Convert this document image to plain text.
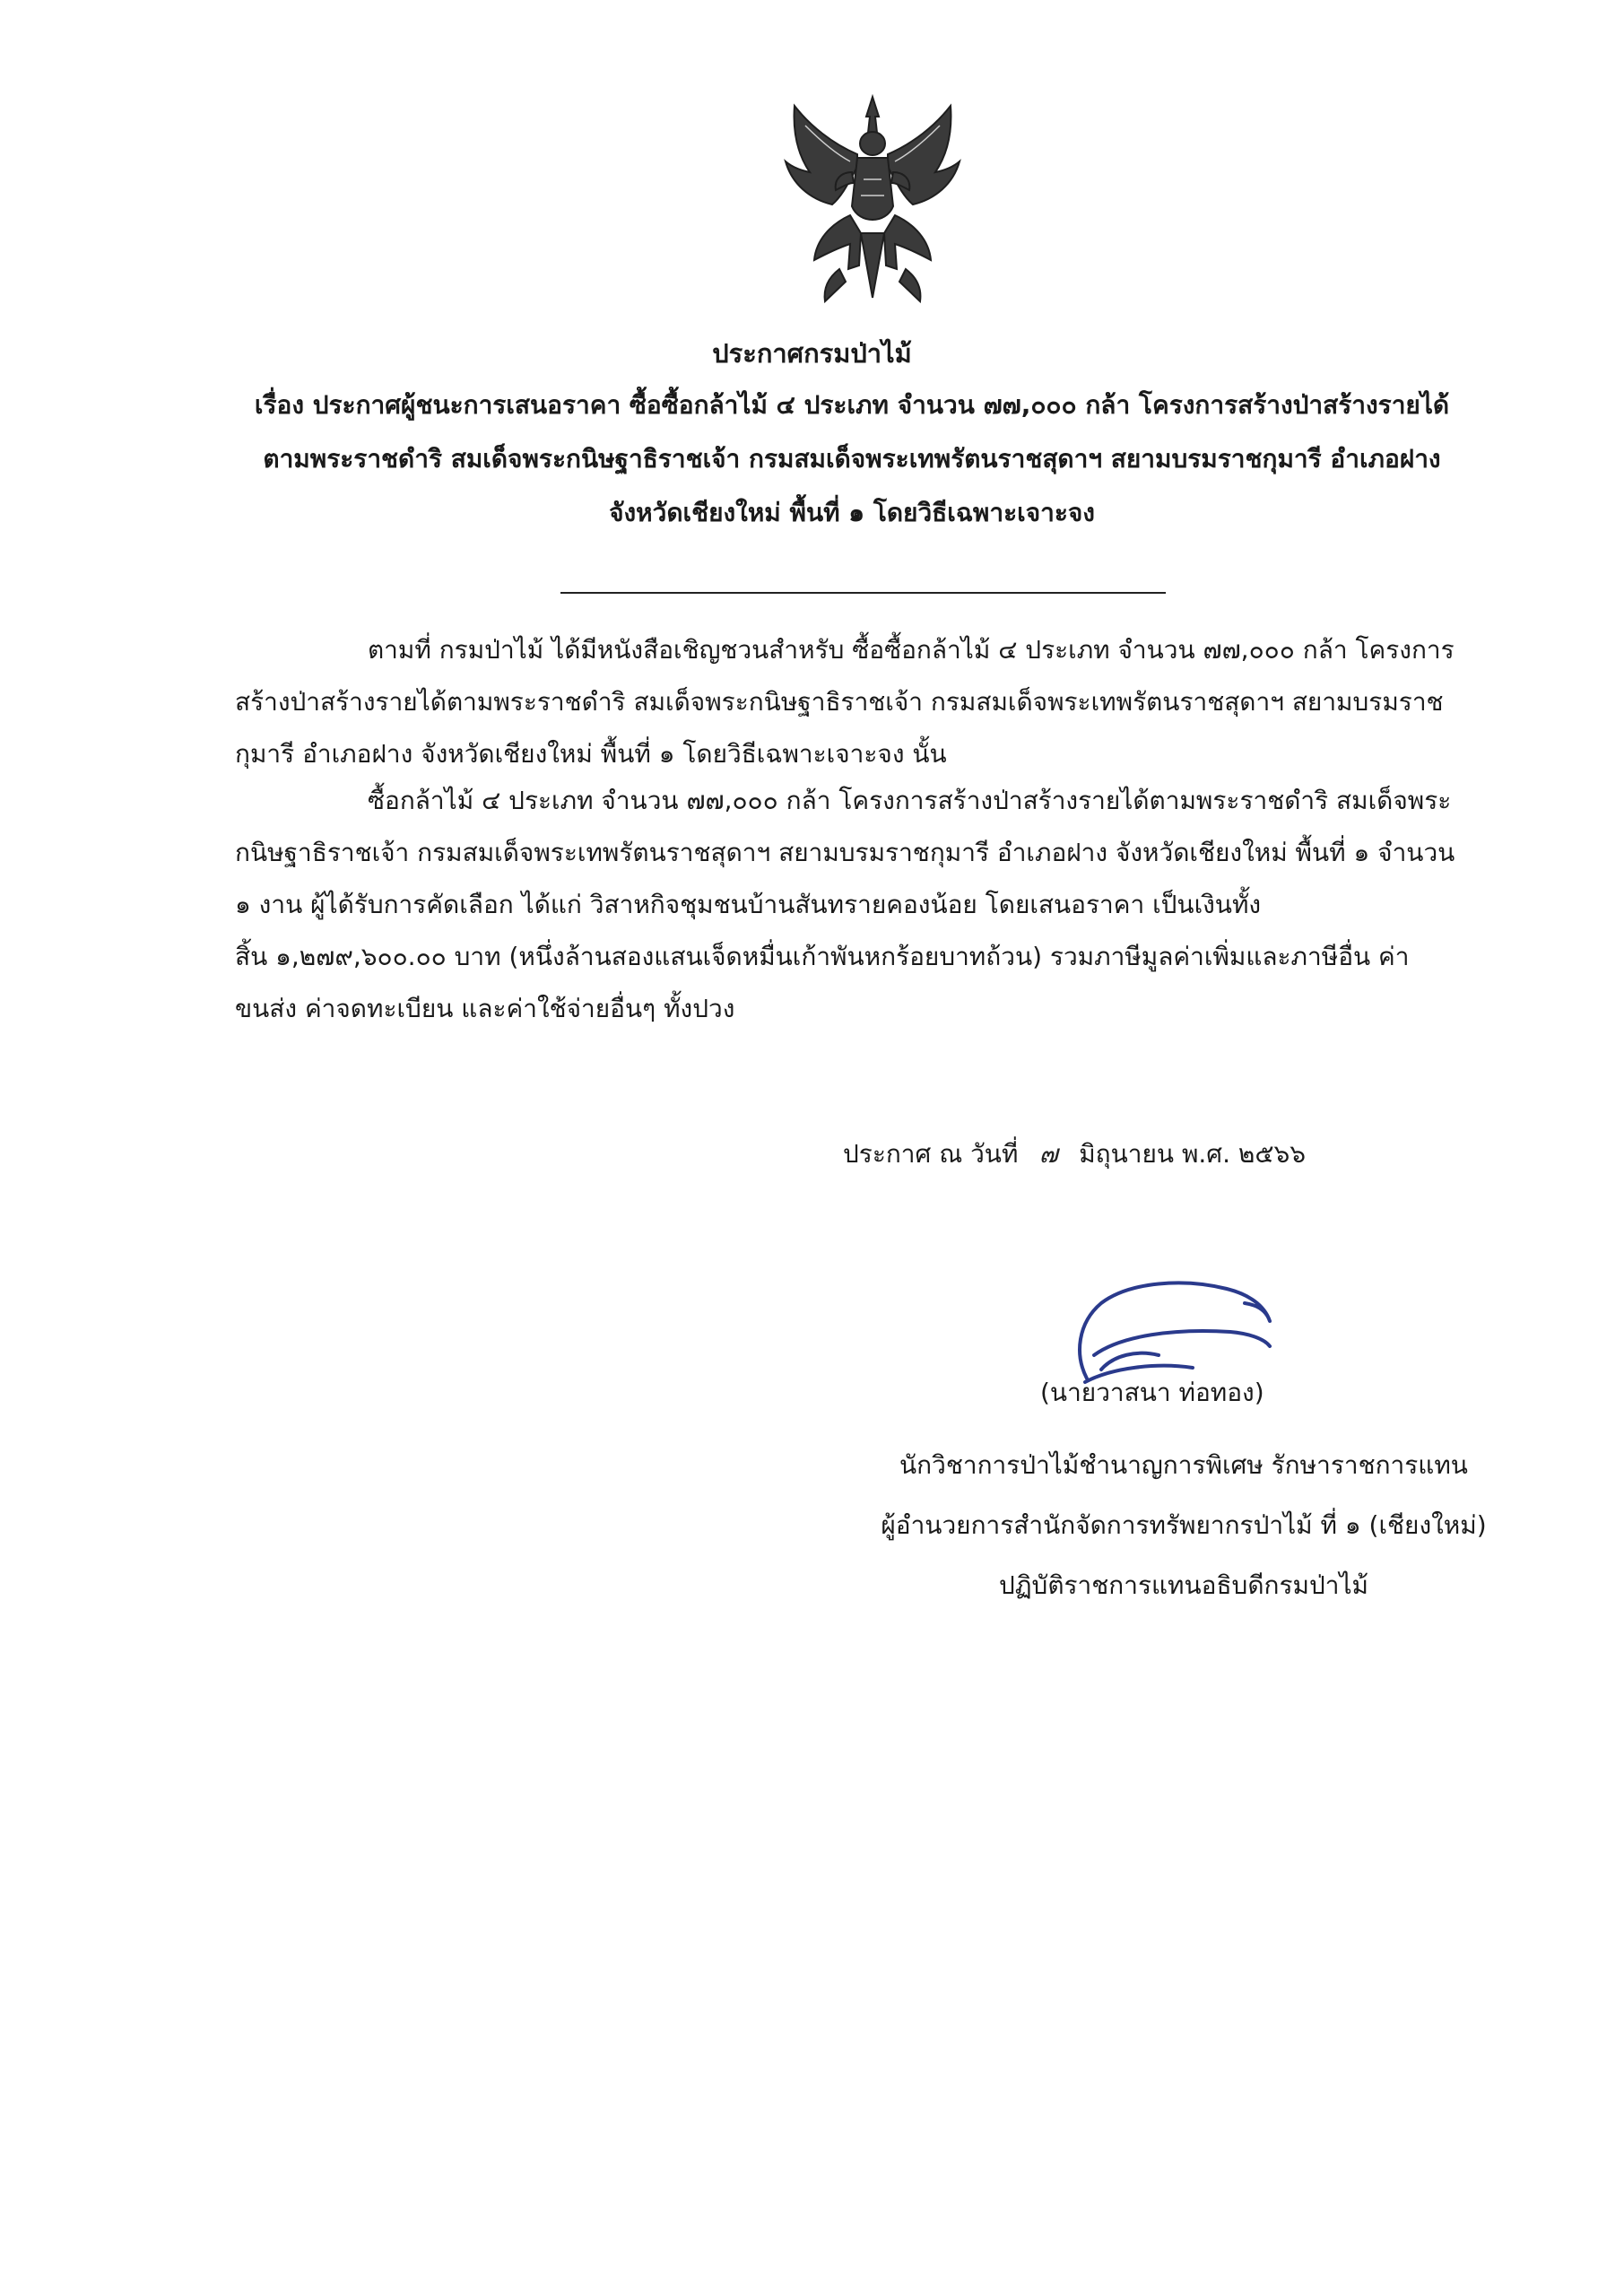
ประกาศกรมป่าไม้
เรื่อง ประกาศผู้ชนะการเสนอราคา ซื้อซื้อกล้าไม้ ๔ ประเภท จำนวน ๗๗,๐๐๐ กล้า โครงการสร้างป่าสร้างรายได้
ตามพระราชดำริ สมเด็จพระกนิษฐาธิราชเจ้า กรมสมเด็จพระเทพรัตนราชสุดาฯ สยามบรมราชกุมารี อำเภอฝาง
จังหวัดเชียงใหม่ พื้นที่ ๑ โดยวิธีเฉพาะเจาะจง
ตามที่ กรมป่าไม้ ได้มีหนังสือเชิญชวนสำหรับ ซื้อซื้อกล้าไม้ ๔ ประเภท จำนวน ๗๗,๐๐๐ กล้า โครงการ
สร้างป่าสร้างรายได้ตามพระราชดำริ สมเด็จพระกนิษฐาธิราชเจ้า กรมสมเด็จพระเทพรัตนราชสุดาฯ สยามบรมราช
กุมารี อำเภอฝาง จังหวัดเชียงใหม่ พื้นที่ ๑ โดยวิธีเฉพาะเจาะจง นั้น
ซื้อกล้าไม้ ๔ ประเภท จำนวน ๗๗,๐๐๐ กล้า โครงการสร้างป่าสร้างรายได้ตามพระราชดำริ สมเด็จพระ
กนิษฐาธิราชเจ้า กรมสมเด็จพระเทพรัตนราชสุดาฯ สยามบรมราชกุมารี อำเภอฝาง จังหวัดเชียงใหม่ พื้นที่ ๑ จำนวน
๑ งาน ผู้ได้รับการคัดเลือก ได้แก่ วิสาหกิจชุมชนบ้านสันทรายคองน้อย โดยเสนอราคา เป็นเงินทั้ง
สิ้น ๑,๒๗๙,๖๐๐.๐๐ บาท (หนึ่งล้านสองแสนเจ็ดหมื่นเก้าพันหกร้อยบาทถ้วน) รวมภาษีมูลค่าเพิ่มและภาษีอื่น ค่า
ขนส่ง ค่าจดทะเบียน และค่าใช้จ่ายอื่นๆ ทั้งปวง
ประกาศ ณ วันที่ ๗ มิถุนายน พ.ศ. ๒๕๖๖
(นายวาสนา ท่อทอง)
นักวิชาการป่าไม้ชำนาญการพิเศษ รักษาราชการแทน
ผู้อำนวยการสำนักจัดการทรัพยากรป่าไม้ ที่ ๑ (เชียงใหม่)
ปฏิบัติราชการแทนอธิบดีกรมป่าไม้
